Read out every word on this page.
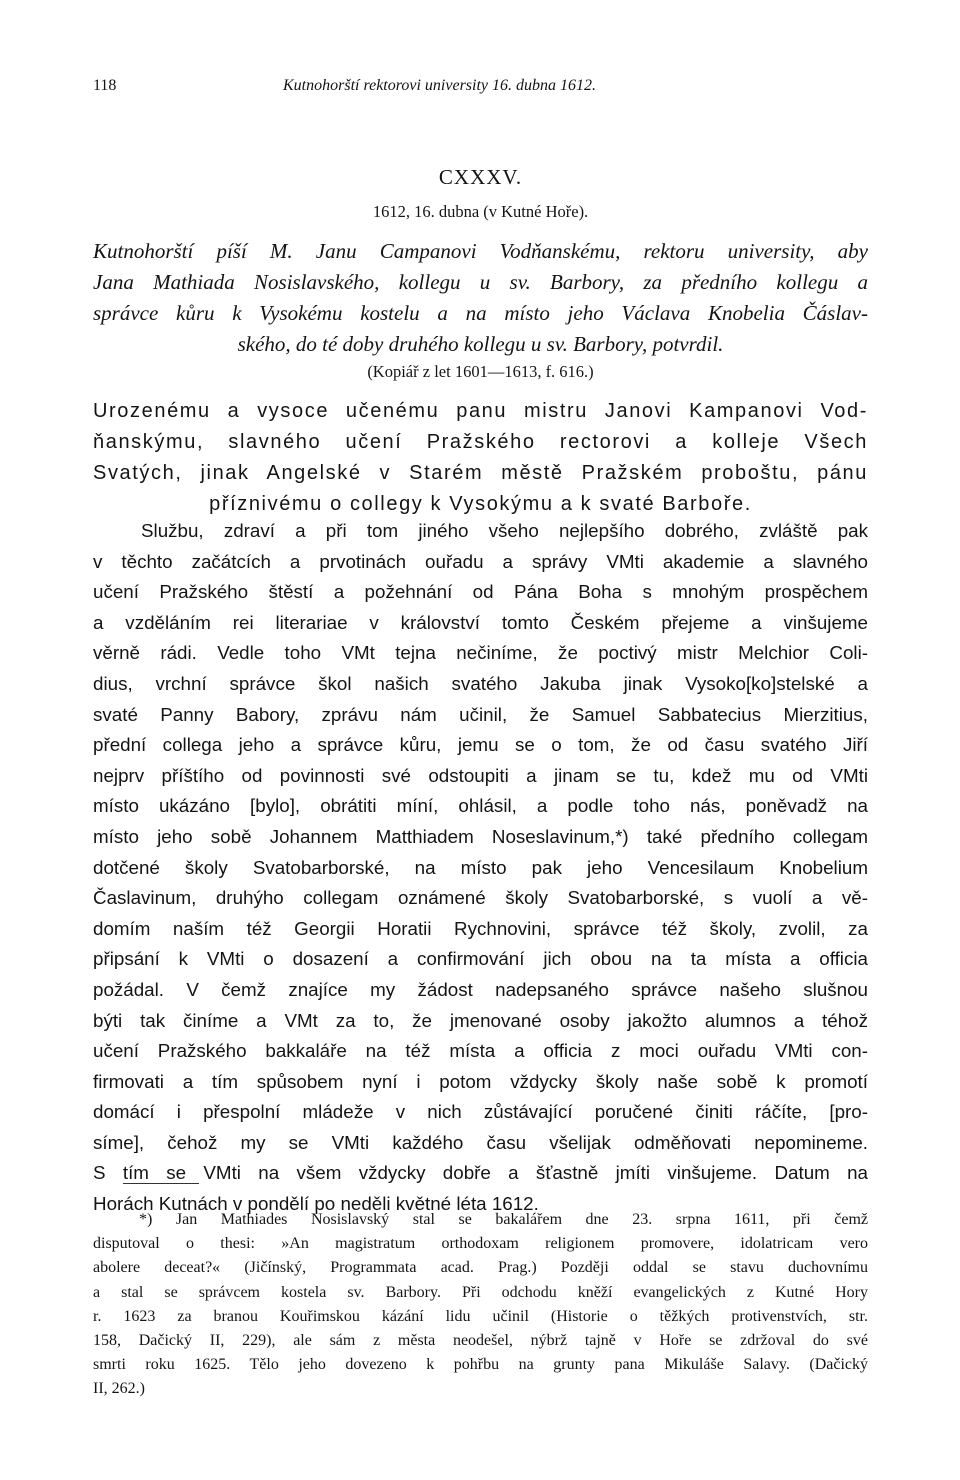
118	Kutnohorští rektorovi university 16. dubna 1612.
CXXXV.
1612, 16. dubna (v Kutné Hoře).
Kutnohorští píší M. Janu Campanovi Vodňanskému, rektoru university, aby
Jana Mathiada Nosislavského, kollegu u sv. Barbory, za předního kollegu a
správce kůru k Vysokému kostelu a na místo jeho Václava Knobelia Čáslav-
ského, do té doby druhého kollegu u sv. Barbory, potvrdil.
(Kopiář z let 1601—1613, f. 616.)
Urozenému a vysoce učenému panu mistru Janovi Kampanovi Vod-
ňanskýmu, slavného učení Pražského rectorovi a kolleje Všech
Svatých, jinak Angelské v Starém městě Pražském proboštu, pánu
příznivému o collegy k Vysokýmu a k svaté Barboře.
Službu, zdraví a při tom jiného všeho nejlepšího dobrého, zvláště pak
v těchto začátcích a prvotinách ouřadu a správy VMti akademie a slavného
učení Pražského štěstí a požehnání od Pána Boha s mnohým prospěchem
a vzděláním rei literariae v království tomto Českém přejeme a vinšujeme
věrně rádi. Vedle toho VMt tejna nečiníme, že poctivý mistr Melchior Coli-
dius, vrchní správce škol našich svatého Jakuba jinak Vysoko[ko]stelské a
svaté Panny Babory, zprávu nám učinil, že Samuel Sabbatecius Mierzitius,
přední collega jeho a správce kůru, jemu se o tom, že od času svatého Jiří
nejprv příštího od povinnosti své odstoupiti a jinam se tu, kdež mu od VMti
místo ukázáno [bylo], obrátiti míní, ohlásil, a podle toho nás, poněvadž na
místo jeho sobě Johannem Matthiadem Noseslavinum,*) také předního collegam
dotčené školy Svatobarborské, na místo pak jeho Vencesilaum Knobelium
Časlavinum, druhýho collegam oznámené školy Svatobarborské, s vuolí a vě-
domím naším též Georgii Horatii Rychnovini, správce též školy, zvolil, za
připsání k VMti o dosazení a confirmování jich obou na ta místa a officia
požádal. V čemž znajíce my žádost nadepsaného správce našeho slušnou
býti tak činíme a VMt za to, že jmenované osoby jakožto alumnos a téhož
učení Pražského bakkaláře na též místa a officia z moci ouřadu VMti con-
firmovati a tím spůsobem nyní i potom vždycky školy naše sobě k promotí
domácí i přespolní mládeže v nich zůstávající poručené činiti ráčíte, [pro-
síme], čehož my se VMti každého času všelijak odměňovati nepomineme.
S tím se VMti na všem vždycky dobře a šťastně jmíti vinšujeme. Datum na
Horách Kutnách v pondělí po neděli květné léta 1612.
*) Jan Mathiades Nosislavský stal se bakalářem dne 23. srpna 1611, při čemž
disputoval o thesi: »An magistratum orthodoxam religionem promovere, idolatricam vero
abolere deceat?« (Jičínský, Programmata acad. Prag.) Později oddal se stavu duchovnímu
a stal se správcem kostela sv. Barbory. Při odchodu kněží evangelických z Kutné Hory
r. 1623 za branou Kouřimskou kázání lidu učinil (Historie o těžkých protivenstvích, str.
158, Dačický II, 229), ale sám z města neodešel, nýbrž tajně v Hoře se zdržoval do své
smrti roku 1625. Tělo jeho dovezeno k pohřbu na grunty pana Mikuláše Salavy. (Dačický
II, 262.)
